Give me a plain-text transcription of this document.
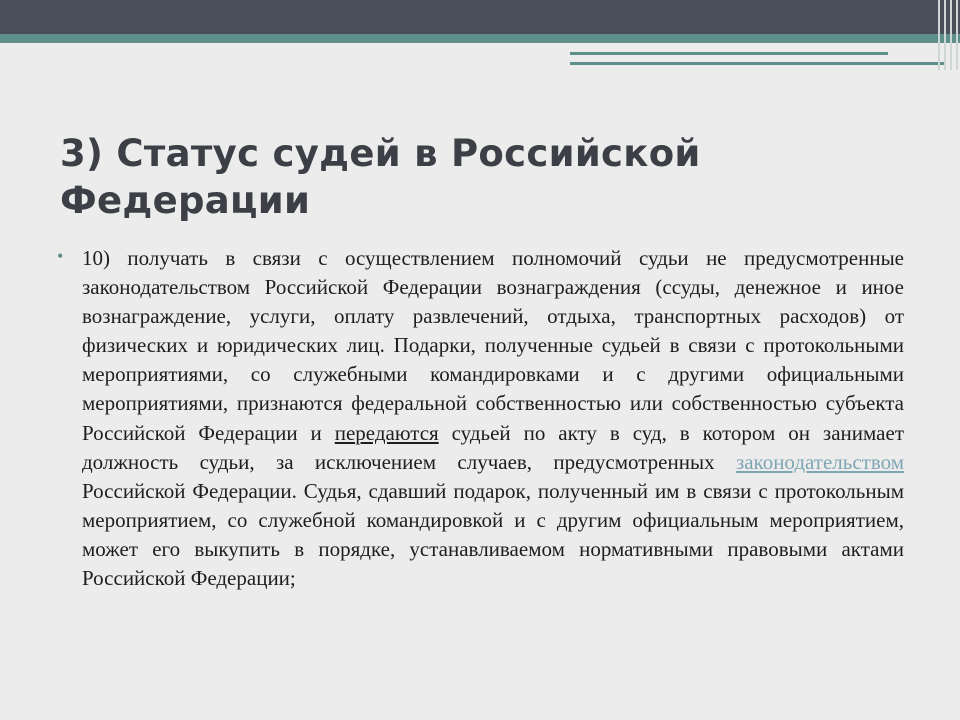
3) Статус судей в Российской Федерации
• 10) получать в связи с осуществлением полномочий судьи не предусмотренные законодательством Российской Федерации вознаграждения (ссуды, денежное и иное вознаграждение, услуги, оплату развлечений, отдыха, транспортных расходов) от физических и юридических лиц. Подарки, полученные судьей в связи с протокольными мероприятиями, со служебными командировками и с другими официальными мероприятиями, признаются федеральной собственностью или собственностью субъекта Российской Федерации и передаются судьей по акту в суд, в котором он занимает должность судьи, за исключением случаев, предусмотренных законодательством Российской Федерации. Судья, сдавший подарок, полученный им в связи с протокольным мероприятием, со служебной командировкой и с другим официальным мероприятием, может его выкупить в порядке, устанавливаемом нормативными правовыми актами Российской Федерации;
